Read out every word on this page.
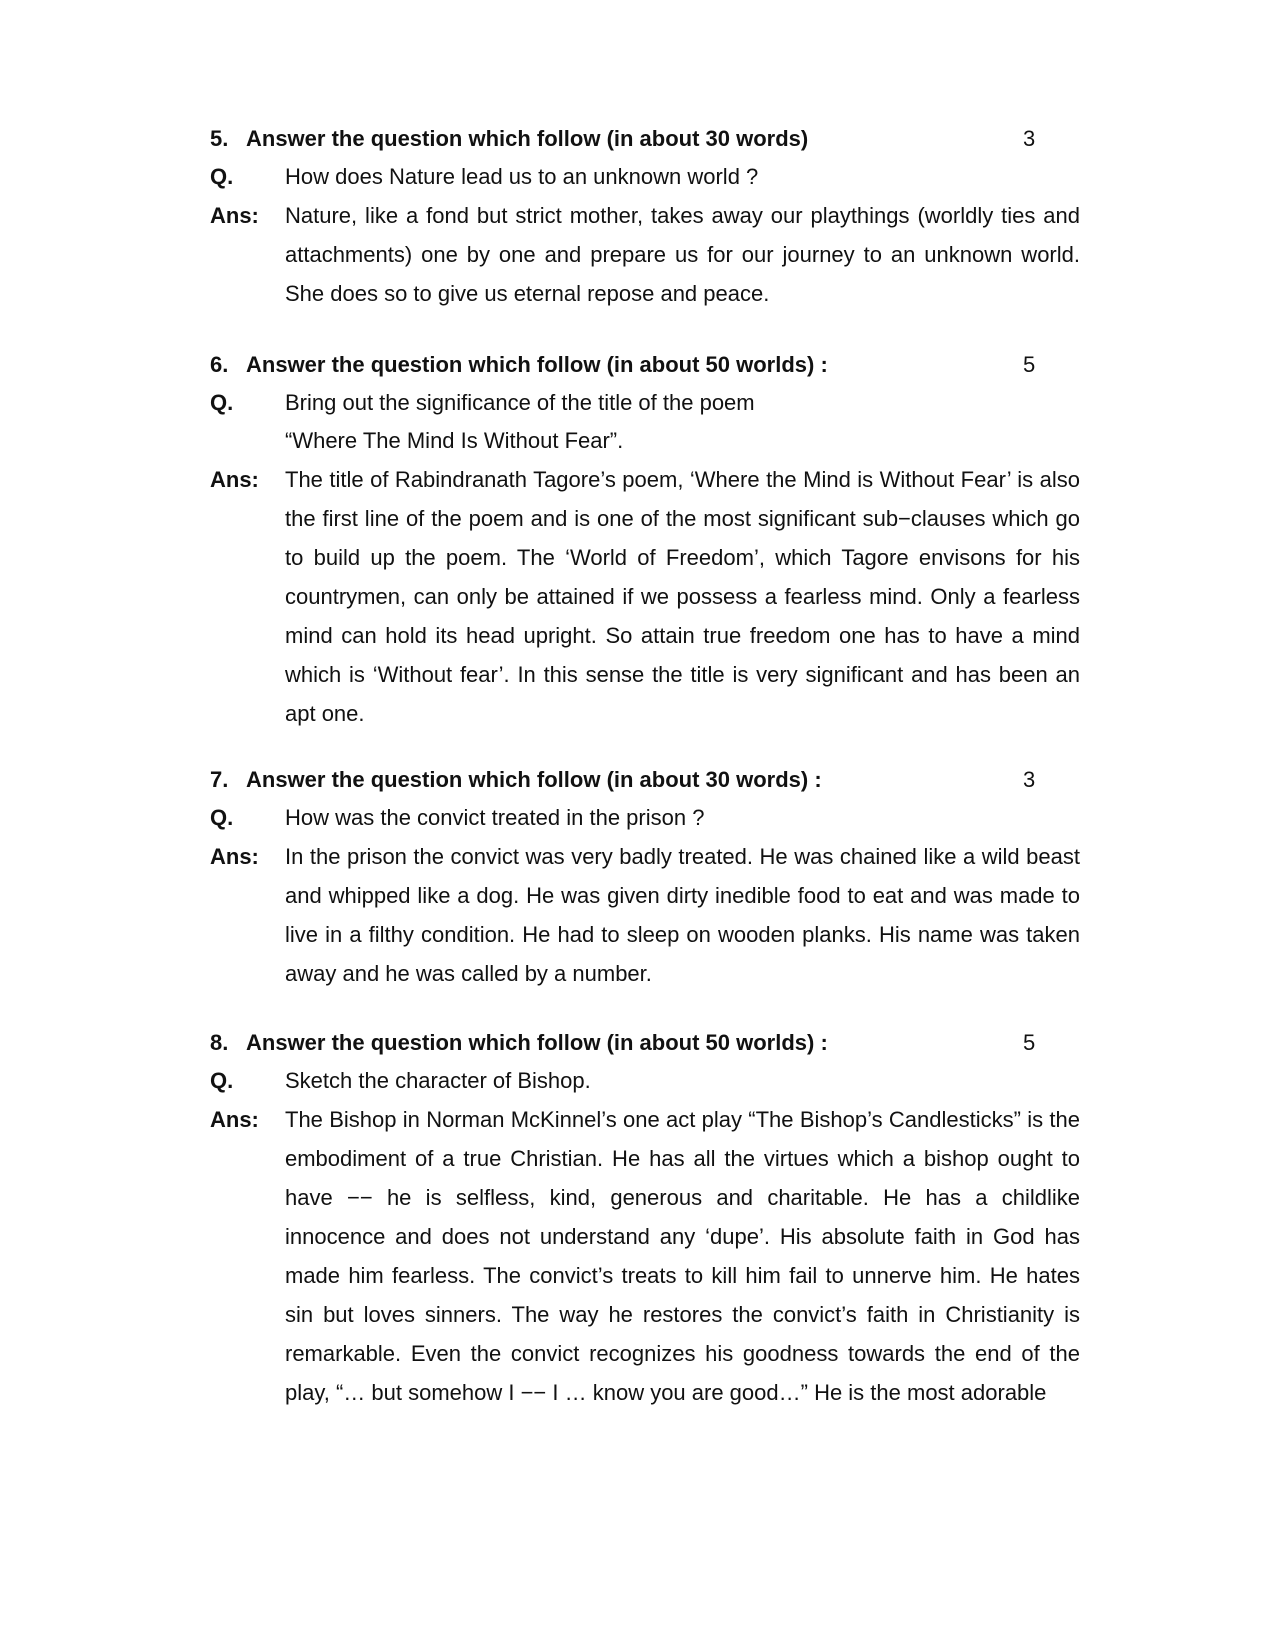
5. Answer the question which follow (in about 30 words)	3
Q.	How does Nature lead us to an unknown world ?
Ans:	Nature, like a fond but strict mother, takes away our playthings (worldly ties and attachments) one by one and prepare us for our journey to an unknown world. She does so to give us eternal repose and peace.
6. Answer the question which follow (in about 50 worlds) :	5
Q.	Bring out the significance of the title of the poem
“Where The Mind Is Without Fear”.
Ans:	The title of Rabindranath Tagore’s poem, ‘Where the Mind is Without Fear’ is also the first line of the poem and is one of the most significant sub−clauses which go to build up the poem. The ‘World of Freedom’, which Tagore envisons for his countrymen, can only be attained if we possess a fearless mind. Only a fearless mind can hold its head upright. So attain true freedom one has to have a mind which is ‘Without fear’. In this sense the title is very significant and has been an apt one.
7. Answer the question which follow (in about 30 words) :	3
Q.	How was the convict treated in the prison ?
Ans:	In the prison the convict was very badly treated. He was chained like a wild beast and whipped like a dog. He was given dirty inedible food to eat and was made to live in a filthy condition. He had to sleep on wooden planks. His name was taken away and he was called by a number.
8. Answer the question which follow (in about 50 worlds) :	5
Q.	Sketch the character of Bishop.
Ans:	The Bishop in Norman McKinnel’s one act play “The Bishop’s Candlesticks” is the embodiment of a true Christian. He has all the virtues which a bishop ought to have −− he is selfless, kind, generous and charitable. He has a childlike innocence and does not understand any ‘dupe’. His absolute faith in God has made him fearless. The convict’s treats to kill him fail to unnerve him. He hates sin but loves sinners. The way he restores the convict’s faith in Christianity is remarkable. Even the convict recognizes his goodness towards the end of the play, “… but somehow I −− I … know you are good…” He is the most adorable
